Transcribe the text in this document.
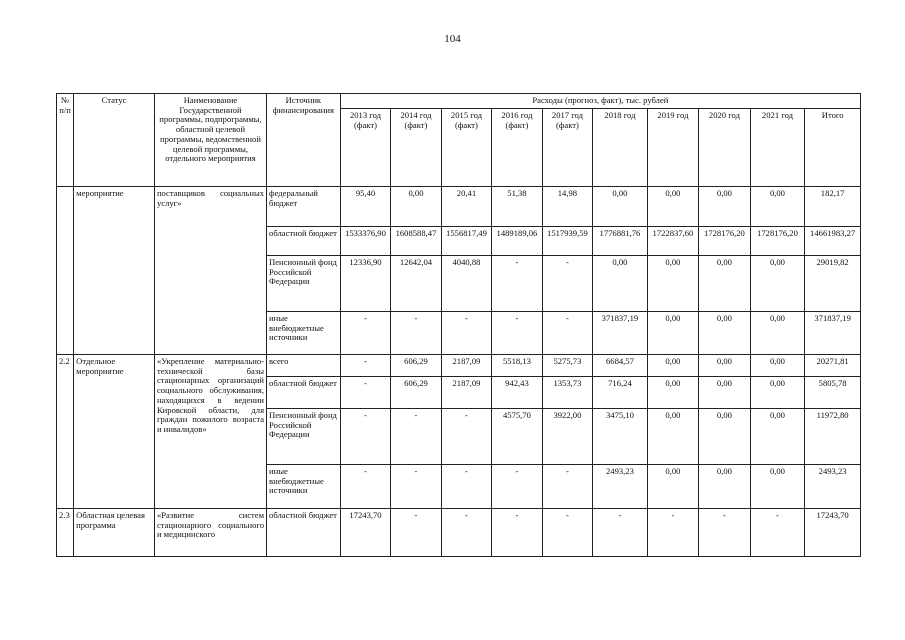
104
№ п/п	Статус	Наименование Государственной программы, подпрограммы, областной целевой программы, ведомственной целевой программы, отдельного мероприятия	Источник финансирования	Расходы (прогноз, факт), тыс. рублей									
				2013 год (факт)	2014 год (факт)	2015 год (факт)	2016 год (факт)	2017 год (факт)	2018 год	2019 год	2020 год	2021 год	Итого
	мероприятие	поставщиков социальных услуг»	федеральный бюджет	95,40	0,00	20,41	51,38	14,98	0,00	0,00	0,00	0,00	182,17
			областной бюджет	1533376,90	1608588,47	1556817,49	1489189,06	1517939,59	1776881,76	1722837,60	1728176,20	1728176,20	14661983,27
			Пенсионный фонд Российской Федерации	12336,90	12642,04	4040,88	-	-	0,00	0,00	0,00	0,00	29019,82
			иные внебюджетные источники	-	-	-	-	-	371837,19	0,00	0,00	0,00	371837,19
2.2	Отдельное мероприятие	«Укрепление материально-технической базы стационарных организаций социального обслуживания, находящихся в ведении Кировской области, для граждан пожилого возраста и инвалидов»	всего	-	606,29	2187,09	5518,13	5275,73	6684,57	0,00	0,00	0,00	20271,81
			областной бюджет	-	606,29	2187,09	942,43	1353,73	716,24	0,00	0,00	0,00	5805,78
			Пенсионный фонд Российской Федерации	-	-	-	4575,70	3922,00	3475,10	0,00	0,00	0,00	11972,80
			иные внебюджетные источники	-	-	-	-	-	2493,23	0,00	0,00	0,00	2493,23
2.3	Областная целевая программа	«Развитие систем стационарного социального и медицинского	областной бюджет	17243,70	-	-	-	-	-	-	-	-	17243,70
